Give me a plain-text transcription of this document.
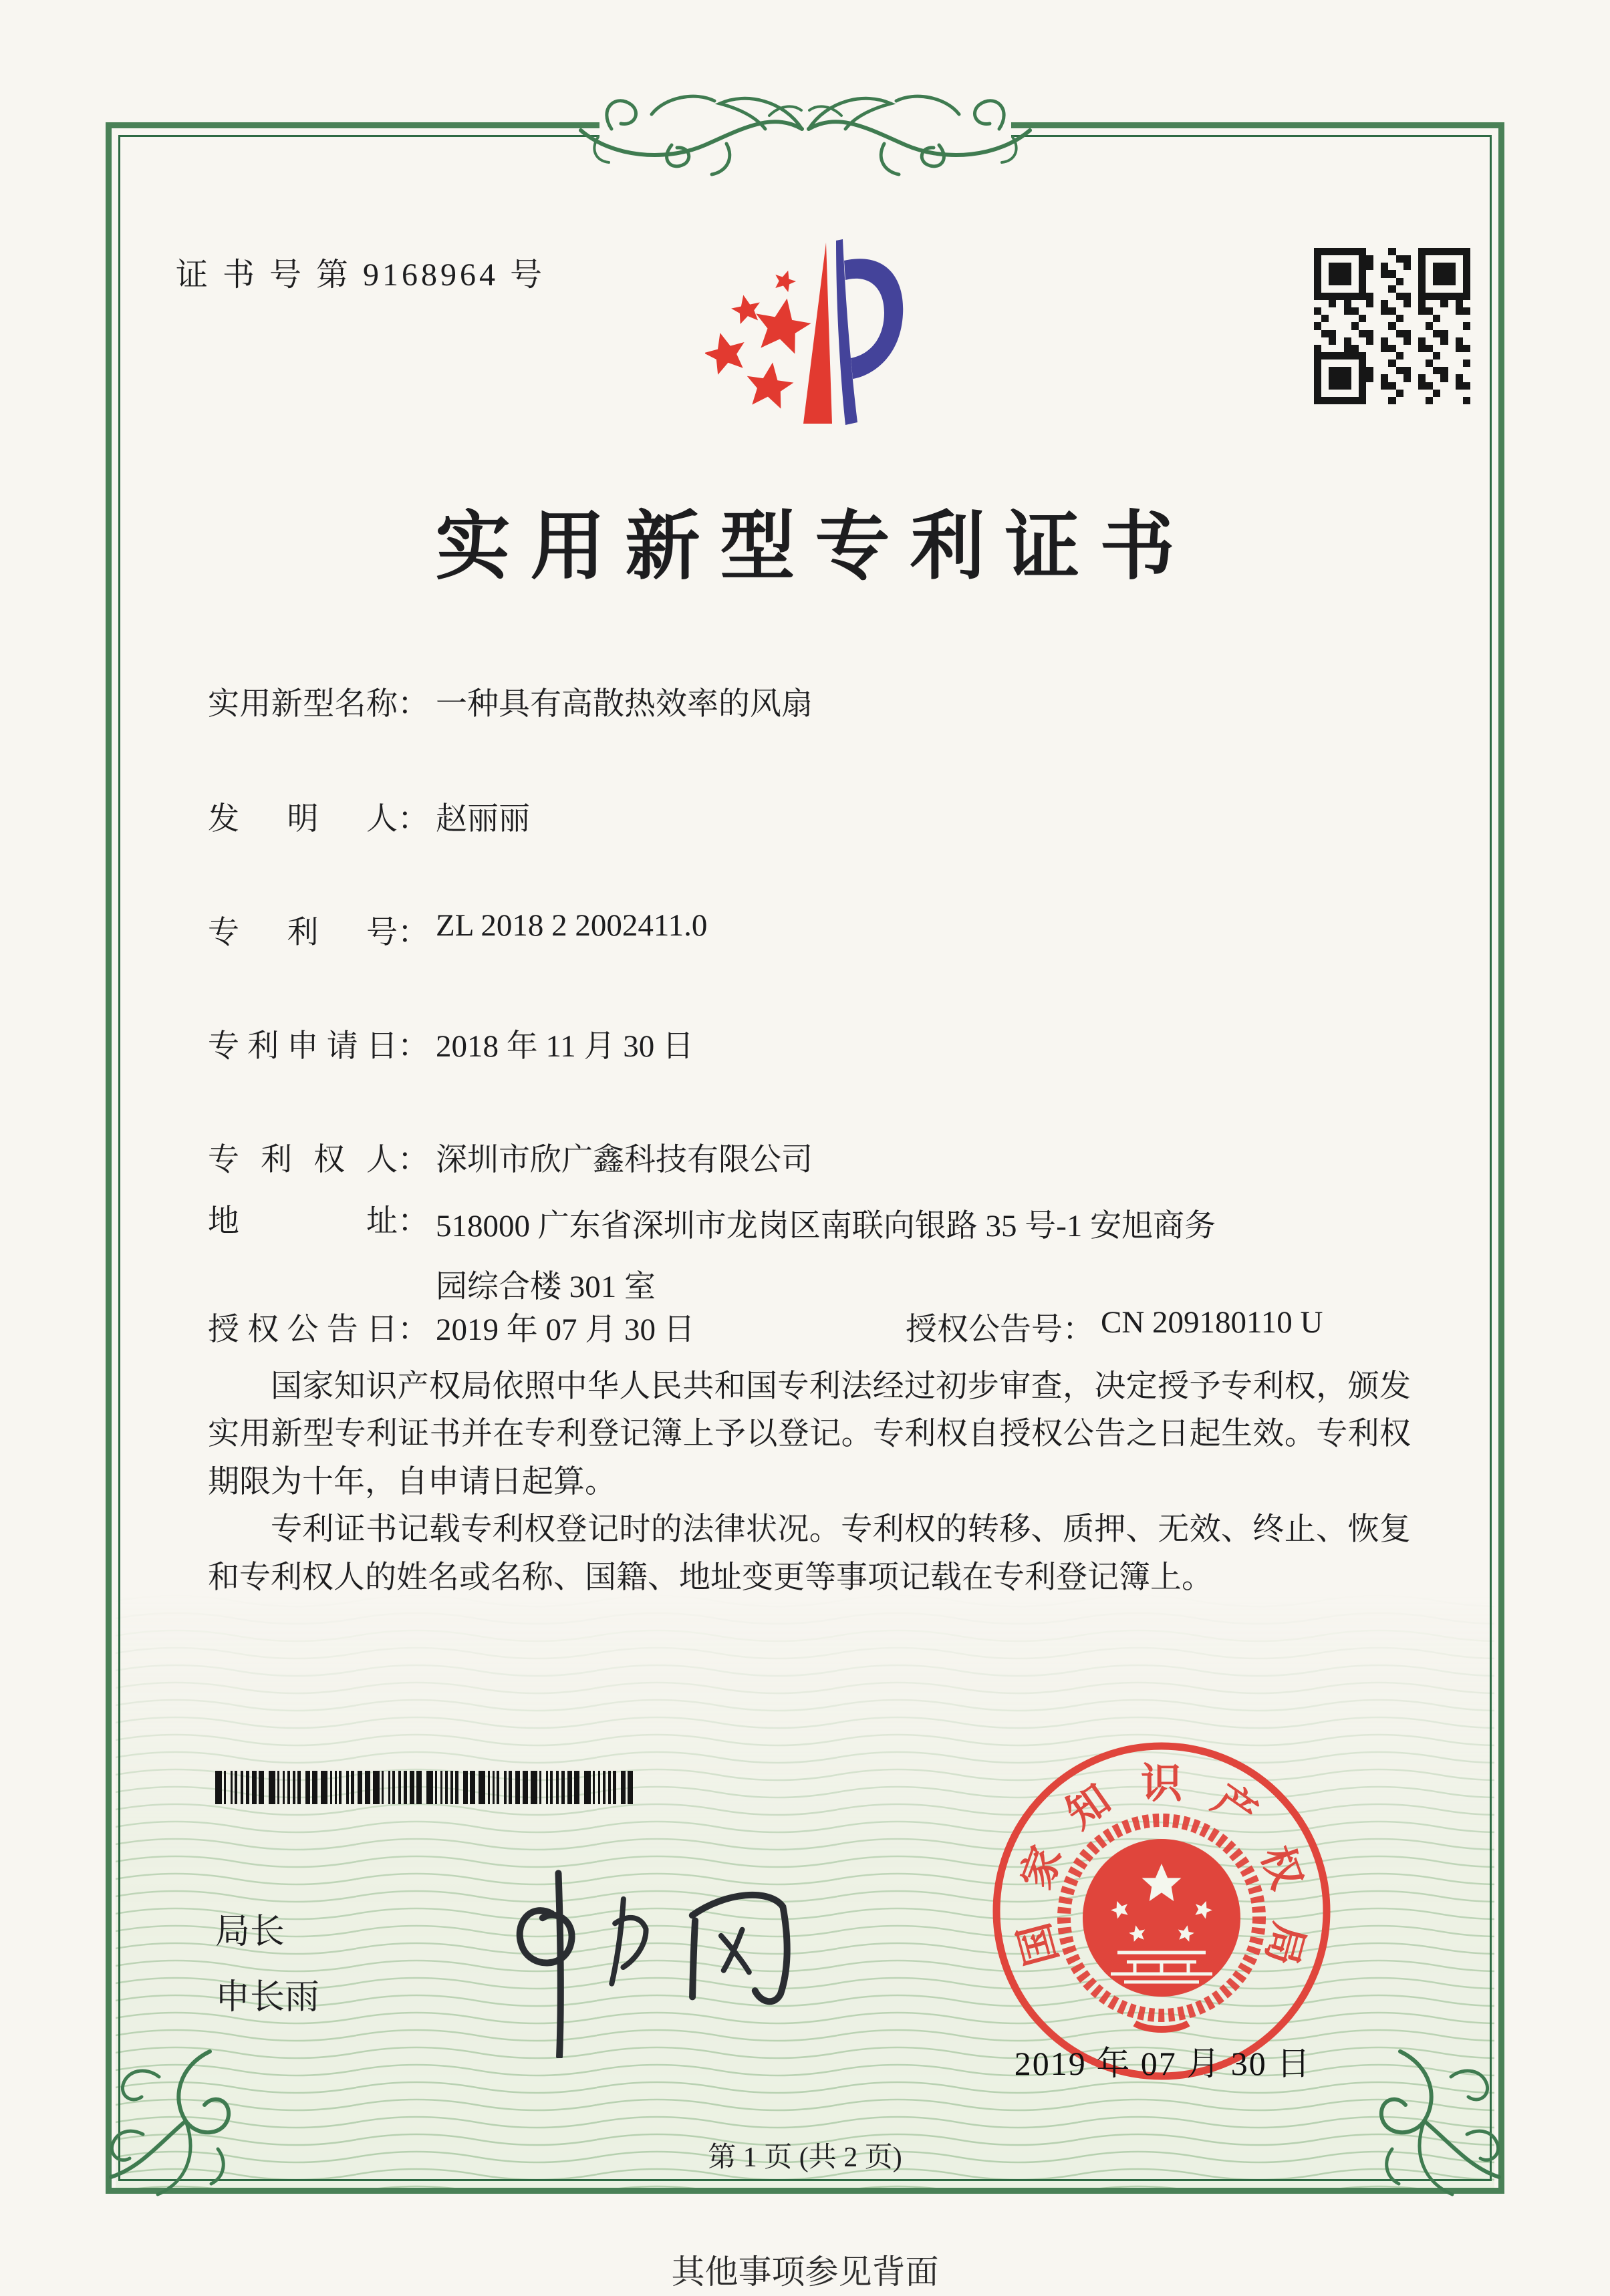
证 书 号 第 9168964 号
实用新型专利证书
实用新型名称 ： 一种具有高散热效率的风扇
发明人 ： 赵丽丽
专利号 ： ZL 2018 2 2002411.0
专利申请日 ： 2018 年 11 月 30 日
专利权人 ： 深圳市欣广鑫科技有限公司
地址 ： 518000 广东省深圳市龙岗区南联向银路 35 号-1 安旭商务
园综合楼 301 室
授权公告日 ： 2019 年 07 月 30 日	授权公告号 ： CN 209180110 U

国家知识产权局依照中华人民共和国专利法经过初步审查，决定授予专利权，颁发实用新型专利证书并在专利登记簿上予以登记。专利权自授权公告之日起生效。专利权期限为十年，自申请日起算。

专利证书记载专利权登记时的法律状况。专利权的转移、质押、无效、终止、恢复和专利权人的姓名或名称、国籍、地址变更等事项记载在专利登记簿上。

局长
申长雨
国
家
知 识 产
权
局
2019 年 07 月 30 日
第 1 页 (共 2 页)
其他事项参见背面
